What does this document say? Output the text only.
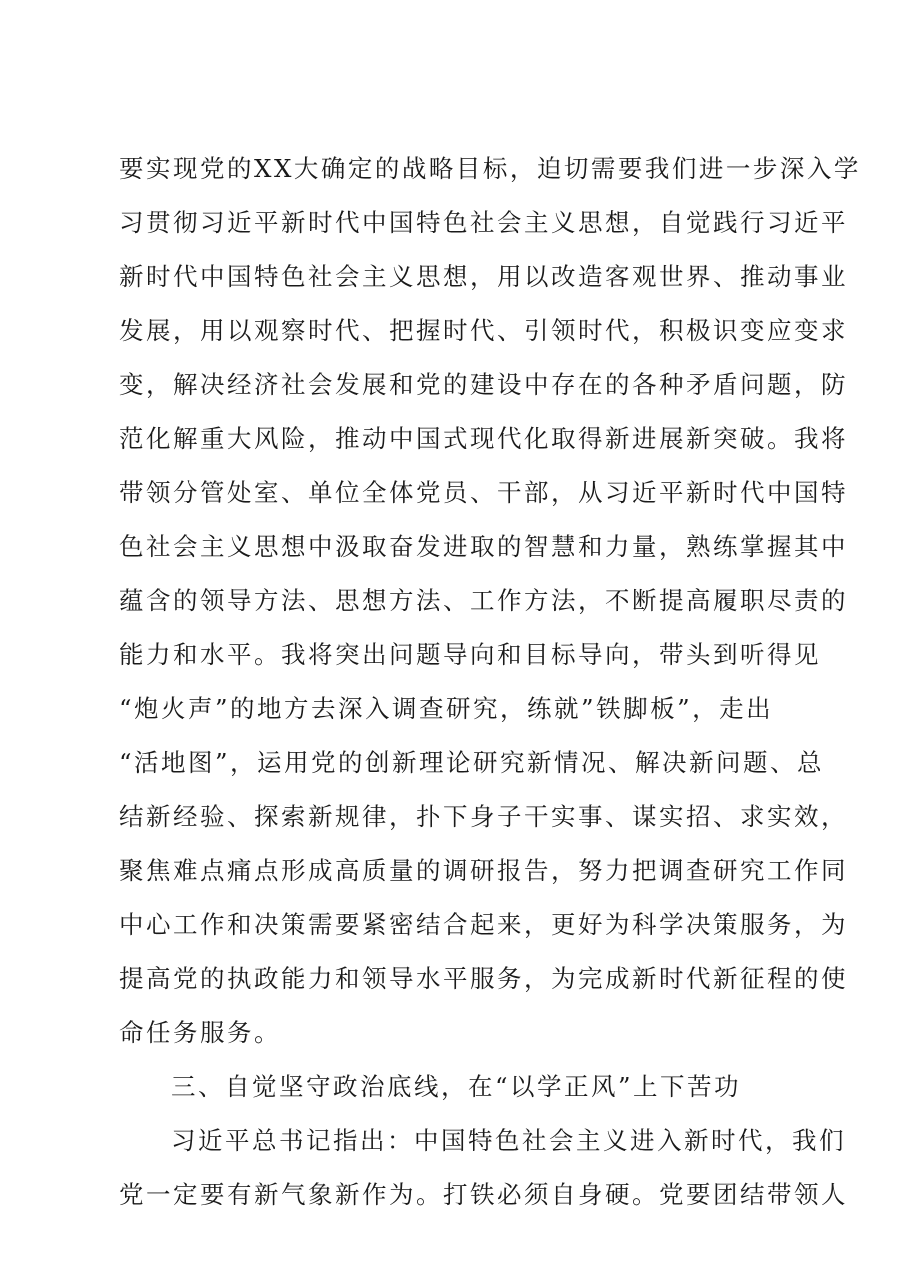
要实现党的XX大确定的战略目标，迫切需要我们进一步深入学
习贯彻习近平新时代中国特色社会主义思想，自觉践行习近平
新时代中国特色社会主义思想，用以改造客观世界、推动事业
发展，用以观察时代、把握时代、引领时代，积极识变应变求
变，解决经济社会发展和党的建设中存在的各种矛盾问题，防
范化解重大风险，推动中国式现代化取得新进展新突破。我将
带领分管处室、单位全体党员、干部，从习近平新时代中国特
色社会主义思想中汲取奋发进取的智慧和力量，熟练掌握其中
蕴含的领导方法、思想方法、工作方法，不断提高履职尽责的
能力和水平。我将突出问题导向和目标导向，带头到听得见
“炮火声”的地方去深入调查研究，练就”铁脚板”，走出
“活地图”，运用党的创新理论研究新情况、解决新问题、总
结新经验、探索新规律，扑下身子干实事、谋实招、求实效，
聚焦难点痛点形成高质量的调研报告，努力把调查研究工作同
中心工作和决策需要紧密结合起来，更好为科学决策服务，为
提高党的执政能力和领导水平服务，为完成新时代新征程的使
命任务服务。
三、自觉坚守政治底线，在“以学正风”上下苦功
习近平总书记指出：中国特色社会主义进入新时代，我们
党一定要有新气象新作为。打铁必须自身硬。党要团结带领人
